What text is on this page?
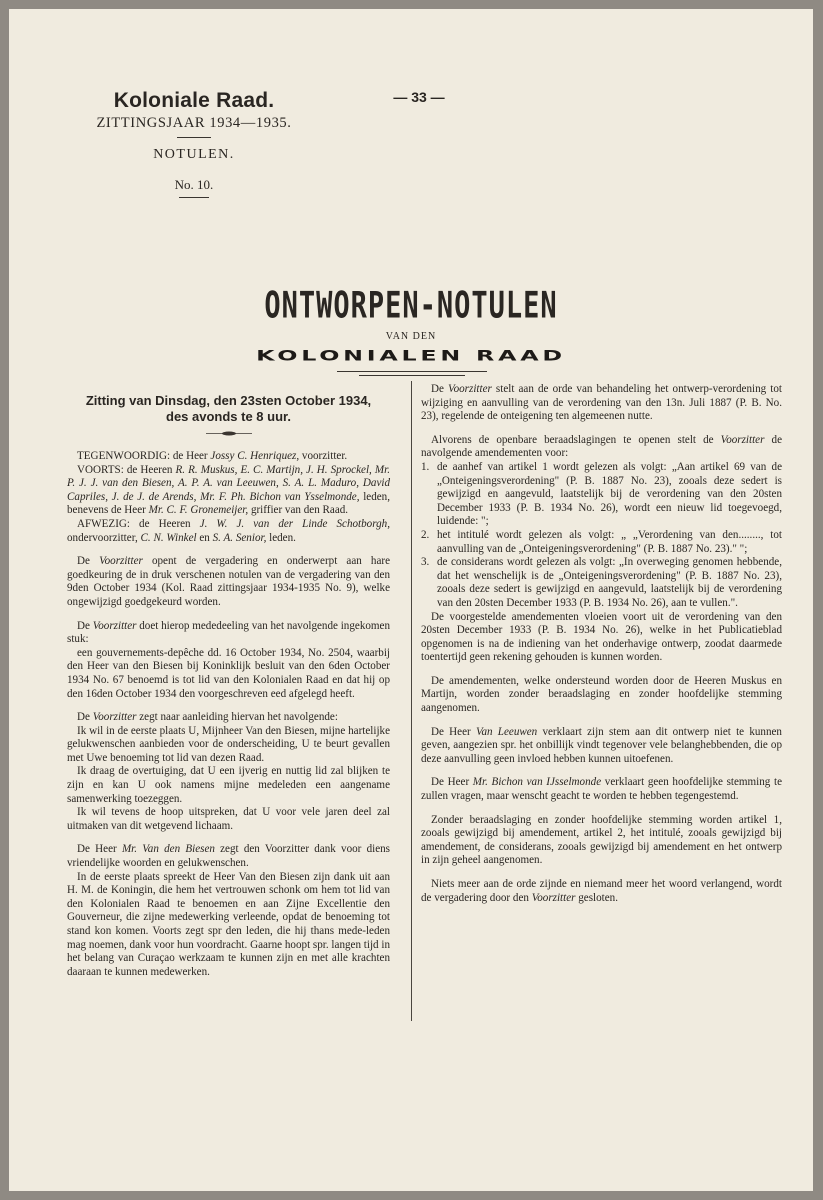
Koloniale Raad.
ZITTINGSJAAR 1934—1935.
NOTULEN.
No. 10.
— 33 —
ONTWORPEN-NOTULEN
VAN DEN
KOLONIALEN RAAD
Zitting van Dinsdag, den 23sten October 1934,
des avonds te 8 uur.

TEGENWOORDIG: de Heer Jossy C. Henriquez, voorzitter.

VOORTS: de Heeren R. R. Muskus, E. C. Martijn, J. H. Sprockel, Mr. P. J. J. van den Biesen, A. P. A. van Leeuwen, S. A. L. Maduro, David Capriles, J. de J. de Arends, Mr. F. Ph. Bichon van Ysselmonde, leden, benevens de Heer Mr. C. F. Gronemeijer, griffier van den Raad.

AFWEZIG: de Heeren J. W. J. van der Linde Schotborgh, ondervoorzitter, C. N. Winkel en S. A. Senior, leden.

De Voorzitter opent de vergadering en onderwerpt aan hare goedkeuring de in druk verschenen notulen van de vergadering van den 9den October 1934 (Kol. Raad zittingsjaar 1934-1935 No. 9), welke ongewijzigd goedgekeurd worden.

De Voorzitter doet hierop mededeeling van het navolgende ingekomen stuk:

een gouvernements-depêche dd. 16 October 1934, No. 2504, waarbij den Heer van den Biesen bij Koninklijk besluit van den 6den October 1934 No. 67 benoemd is tot lid van den Kolonialen Raad en dat hij op den 16den October 1934 den voorgeschreven eed afgelegd heeft.

De Voorzitter zegt naar aanleiding hiervan het navolgende:

Ik wil in de eerste plaats U, Mijnheer Van den Biesen, mijne hartelijke gelukwenschen aanbieden voor de onderscheiding, U te beurt gevallen met Uwe benoeming tot lid van dezen Raad.

Ik draag de overtuiging, dat U een ijverig en nuttig lid zal blijken te zijn en kan U ook namens mijne medeleden een aangename samenwerking toezeggen.

Ik wil tevens de hoop uitspreken, dat U voor vele jaren deel zal uitmaken van dit wetgevend lichaam.

De Heer Mr. Van den Biesen zegt den Voorzitter dank voor diens vriendelijke woorden en gelukwenschen.

In de eerste plaats spreekt de Heer Van den Biesen zijn dank uit aan H. M. de Koningin, die hem het vertrouwen schonk om hem tot lid van den Kolonialen Raad te benoemen en aan Zijne Excellentie den Gouverneur, die zijne medewerking verleende, opdat de benoeming tot stand kon komen. Voorts zegt spr den leden, die hij thans mede-leden mag noemen, dank voor hun voordracht. Gaarne hoopt spr. langen tijd in het belang van Curaçao werkzaam te kunnen zijn en met alle krachten daaraan te kunnen medewerken.

De Voorzitter stelt aan de orde van behandeling het ontwerp-verordening tot wijziging en aanvulling van de verordening van den 13n. Juli 1887 (P. B. No. 23), regelende de onteigening ten algemeenen nutte.

Alvorens de openbare beraadslagingen te openen stelt de Voorzitter de navolgende amendementen voor:

1. de aanhef van artikel 1 wordt gelezen als volgt: „Aan artikel 69 van de „Onteigeningsverordening" (P. B. 1887 No. 23), zooals deze sedert is gewijzigd en aangevuld, laatstelijk bij de verordening van den 20sten December 1933 (P. B. 1934 No. 26), wordt een nieuw lid toegevoegd, luidende: ";
2. het intitulé wordt gelezen als volgt: „ „Verordening van den........, tot aanvulling van de „Onteigeningsverordening" (P. B. 1887 No. 23)." ";
3. de considerans wordt gelezen als volgt: „In overweging genomen hebbende, dat het wenschelijk is de „Onteigeningsverordening" (P. B. 1887 No. 23), zooals deze sedert is gewijzigd en aangevuld, laatstelijk bij de verordening van den 20sten December 1933 (P. B. 1934 No. 26), aan te vullen.".

De voorgestelde amendementen vloeien voort uit de verordening van den 20sten December 1933 (P. B. 1934 No. 26), welke in het Publicatieblad opgenomen is na de indiening van het onderhavige ontwerp, zoodat daarmede toentertijd geen rekening gehouden is kunnen worden.

De amendementen, welke ondersteund worden door de Heeren Muskus en Martijn, worden zonder beraadslaging en zonder hoofdelijke stemming aangenomen.

De Heer Van Leeuwen verklaart zijn stem aan dit ontwerp niet te kunnen geven, aangezien spr. het onbillijk vindt tegenover vele belanghebbenden, die op deze aanvulling geen invloed hebben kunnen uitoefenen.

De Heer Mr. Bichon van IJsselmonde verklaart geen hoofdelijke stemming te zullen vragen, maar wenscht geacht te worden te hebben tegengestemd.

Zonder beraadslaging en zonder hoofdelijke stemming worden artikel 1, zooals gewijzigd bij amendement, artikel 2, het intitulé, zooals gewijzigd bij amendement, de considerans, zooals gewijzigd bij amendement en het ontwerp in zijn geheel aangenomen.

Niets meer aan de orde zijnde en niemand meer het woord verlangend, wordt de vergadering door den Voorzitter gesloten.
